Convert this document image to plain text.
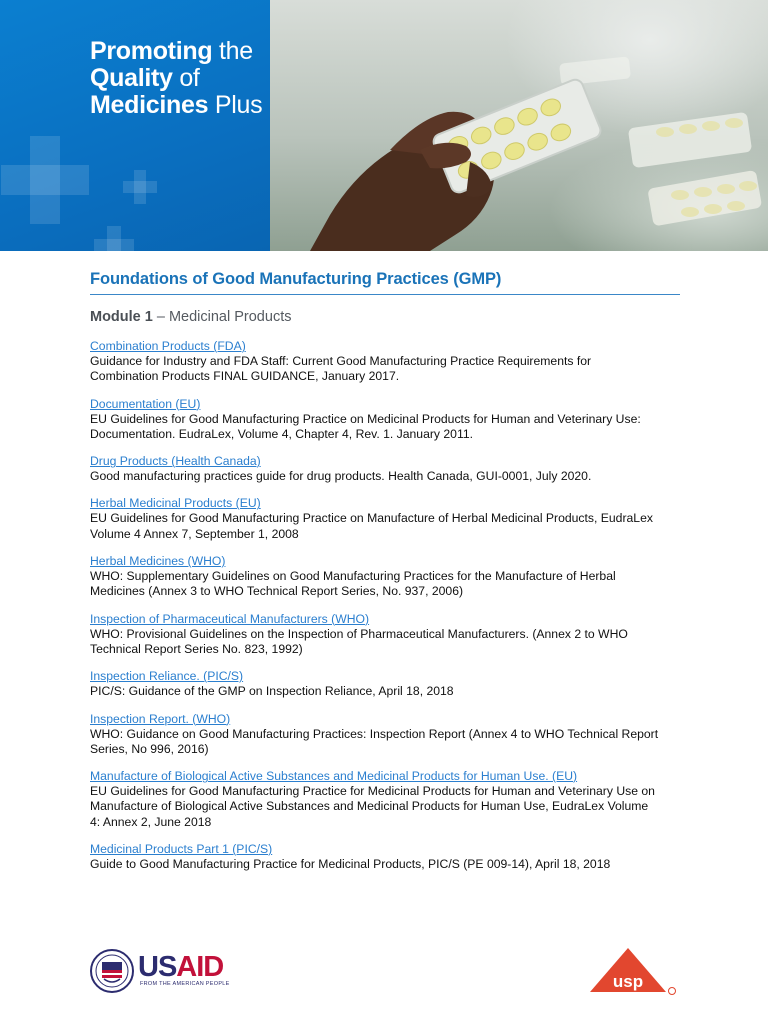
Promoting the
Quality of
Medicines Plus
Foundations of Good Manufacturing Practices (GMP)
Module 1 – Medicinal Products
Combination Products (FDA)

Guidance for Industry and FDA Staff: Current Good Manufacturing Practice Requirements for
Combination Products FINAL GUIDANCE, January 2017.

Documentation (EU)

EU Guidelines for Good Manufacturing Practice on Medicinal Products for Human and Veterinary Use:
Documentation. EudraLex, Volume 4, Chapter 4, Rev. 1. January 2011.

Drug Products (Health Canada)

Good manufacturing practices guide for drug products. Health Canada, GUI-0001, July 2020.

Herbal Medicinal Products (EU)

EU Guidelines for Good Manufacturing Practice on Manufacture of Herbal Medicinal Products, EudraLex
Volume 4 Annex 7, September 1, 2008

Herbal Medicines (WHO)

WHO: Supplementary Guidelines on Good Manufacturing Practices for the Manufacture of Herbal
Medicines (Annex 3 to WHO Technical Report Series, No. 937, 2006)

Inspection of Pharmaceutical Manufacturers (WHO)

WHO: Provisional Guidelines on the Inspection of Pharmaceutical Manufacturers. (Annex 2 to WHO
Technical Report Series No. 823, 1992)

Inspection Reliance. (PIC/S)

PIC/S: Guidance of the GMP on Inspection Reliance, April 18, 2018

Inspection Report. (WHO)

WHO: Guidance on Good Manufacturing Practices: Inspection Report (Annex 4 to WHO Technical Report
Series, No 996, 2016)

Manufacture of Biological Active Substances and Medicinal Products for Human Use. (EU)

EU Guidelines for Good Manufacturing Practice for Medicinal Products for Human and Veterinary Use on
Manufacture of Biological Active Substances and Medicinal Products for Human Use, EudraLex Volume
4: Annex 2, June 2018

Medicinal Products Part 1 (PIC/S)

Guide to Good Manufacturing Practice for Medicinal Products, PIC/S (PE 009-14), April 18, 2018

USAID
FROM THE AMERICAN PEOPLE	usp
